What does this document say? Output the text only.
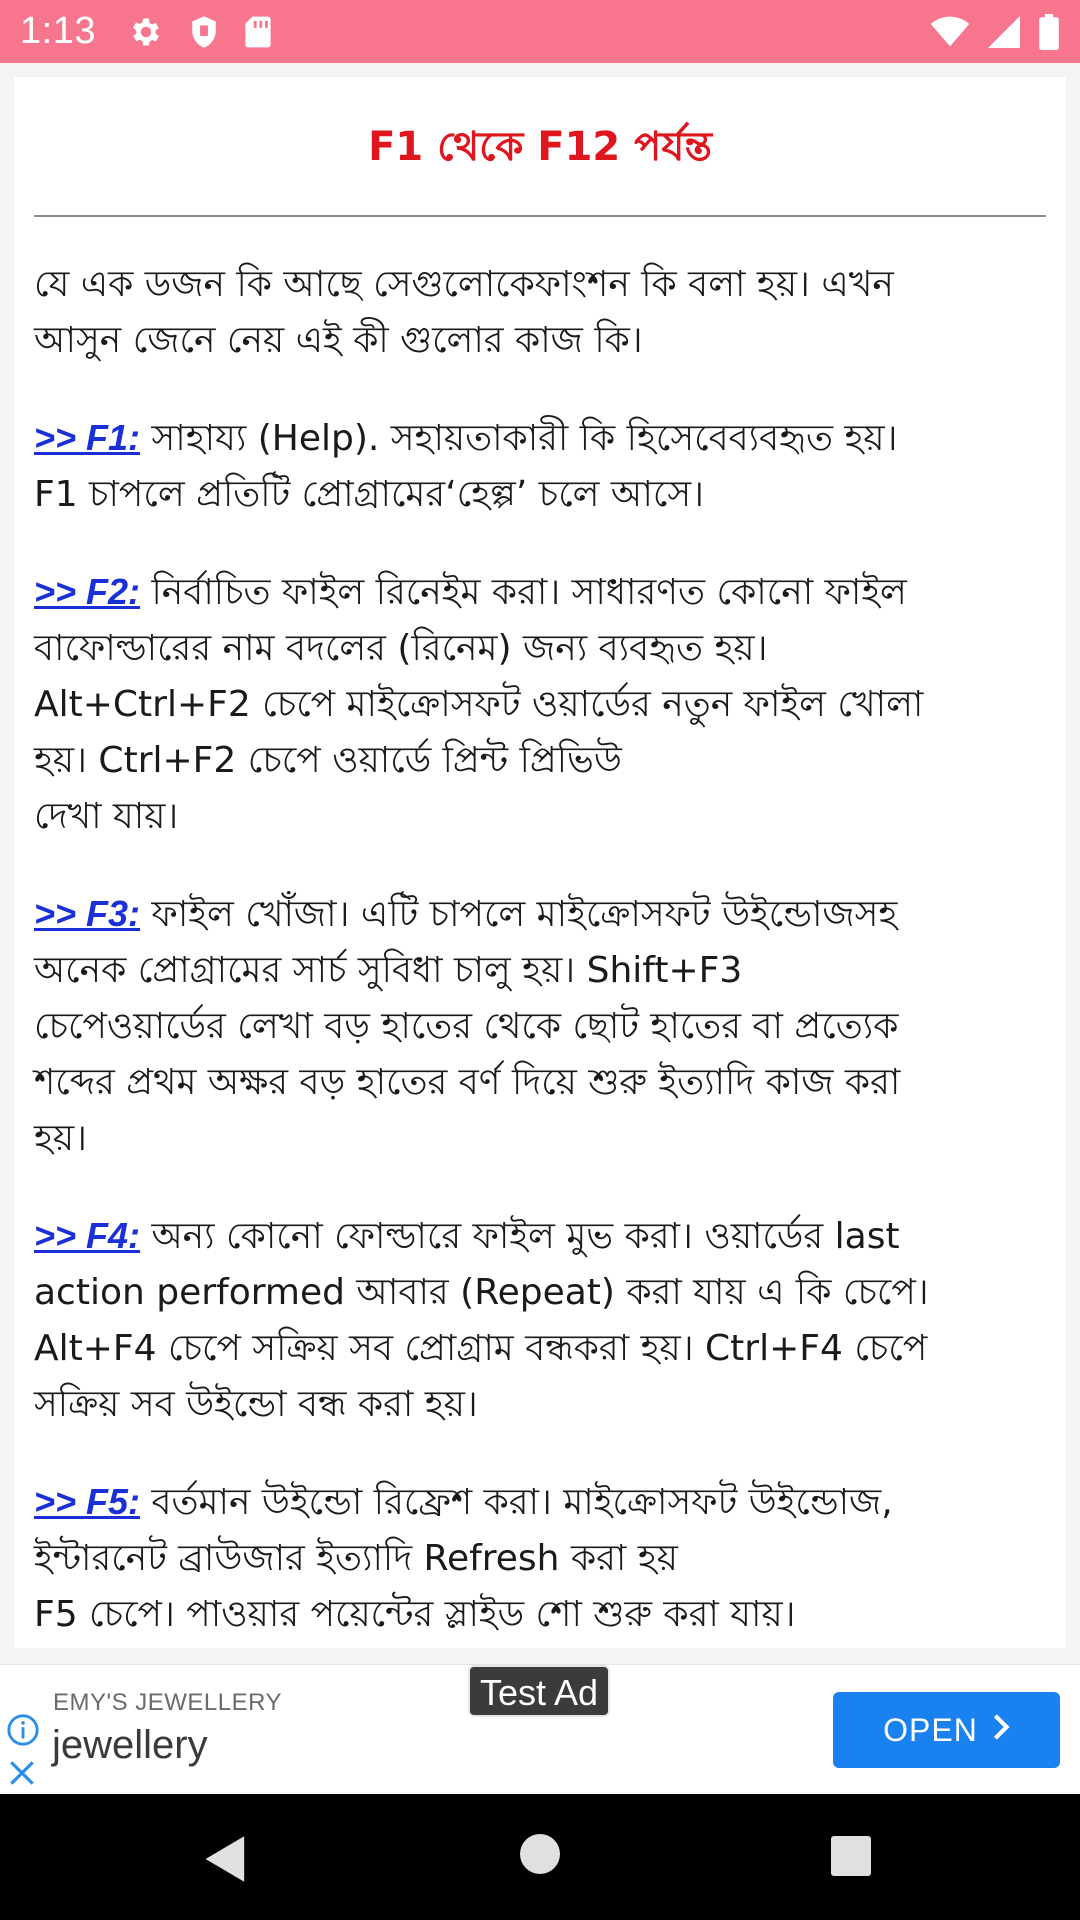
1:13
F1 থেকে F12 পর্যন্ত

যে এক ডজন কি আছে সেগুলোকেফাংশন কি বলা হয়। এখন
আসুন জেনে নেয় এই কী গুলোর কাজ কি।

>> F1: সাহায্য (Help). সহায়তাকারী কি হিসেবেব্যবহৃত হয়।
F1 চাপলে প্রতিটি প্রোগ্রামের‘হেল্প’ চলে আসে।

>> F2: নির্বাচিত ফাইল রিনেইম করা। সাধারণত কোনো ফাইল
বাফোল্ডারের নাম বদলের (রিনেম) জন্য ব্যবহৃত হয়।
Alt+Ctrl+F2 চেপে মাইক্রোসফট ওয়ার্ডের নতুন ফাইল খোলা
হয়। Ctrl+F2 চেপে ওয়ার্ডে প্রিন্ট প্রিভিউ
দেখা যায়।

>> F3: ফাইল খোঁজা। এটি চাপলে মাইক্রোসফট উইন্ডোজসহ
অনেক প্রোগ্রামের সার্চ সুবিধা চালু হয়। Shift+F3
চেপেওয়ার্ডের লেখা বড় হাতের থেকে ছোট হাতের বা প্রত্যেক
শব্দের প্রথম অক্ষর বড় হাতের বর্ণ দিয়ে শুরু ইত্যাদি কাজ করা
হয়।

>> F4: অন্য কোনো ফোল্ডারে ফাইল মুভ করা। ওয়ার্ডের last
action performed আবার (Repeat) করা যায় এ কি চেপে।
Alt+F4 চেপে সক্রিয় সব প্রোগ্রাম বন্ধকরা হয়। Ctrl+F4 চেপে
সক্রিয় সব উইন্ডো বন্ধ করা হয়।

>> F5: বর্তমান উইন্ডো রিফ্রেশ করা। মাইক্রোসফট উইন্ডোজ,
ইন্টারনেট ব্রাউজার ইত্যাদি Refresh করা হয়
F5 চেপে। পাওয়ার পয়েন্টের স্লাইড শো শুরু করা যায়।

EMY'S JEWELLERY
jewellery
Test Ad
OPEN
